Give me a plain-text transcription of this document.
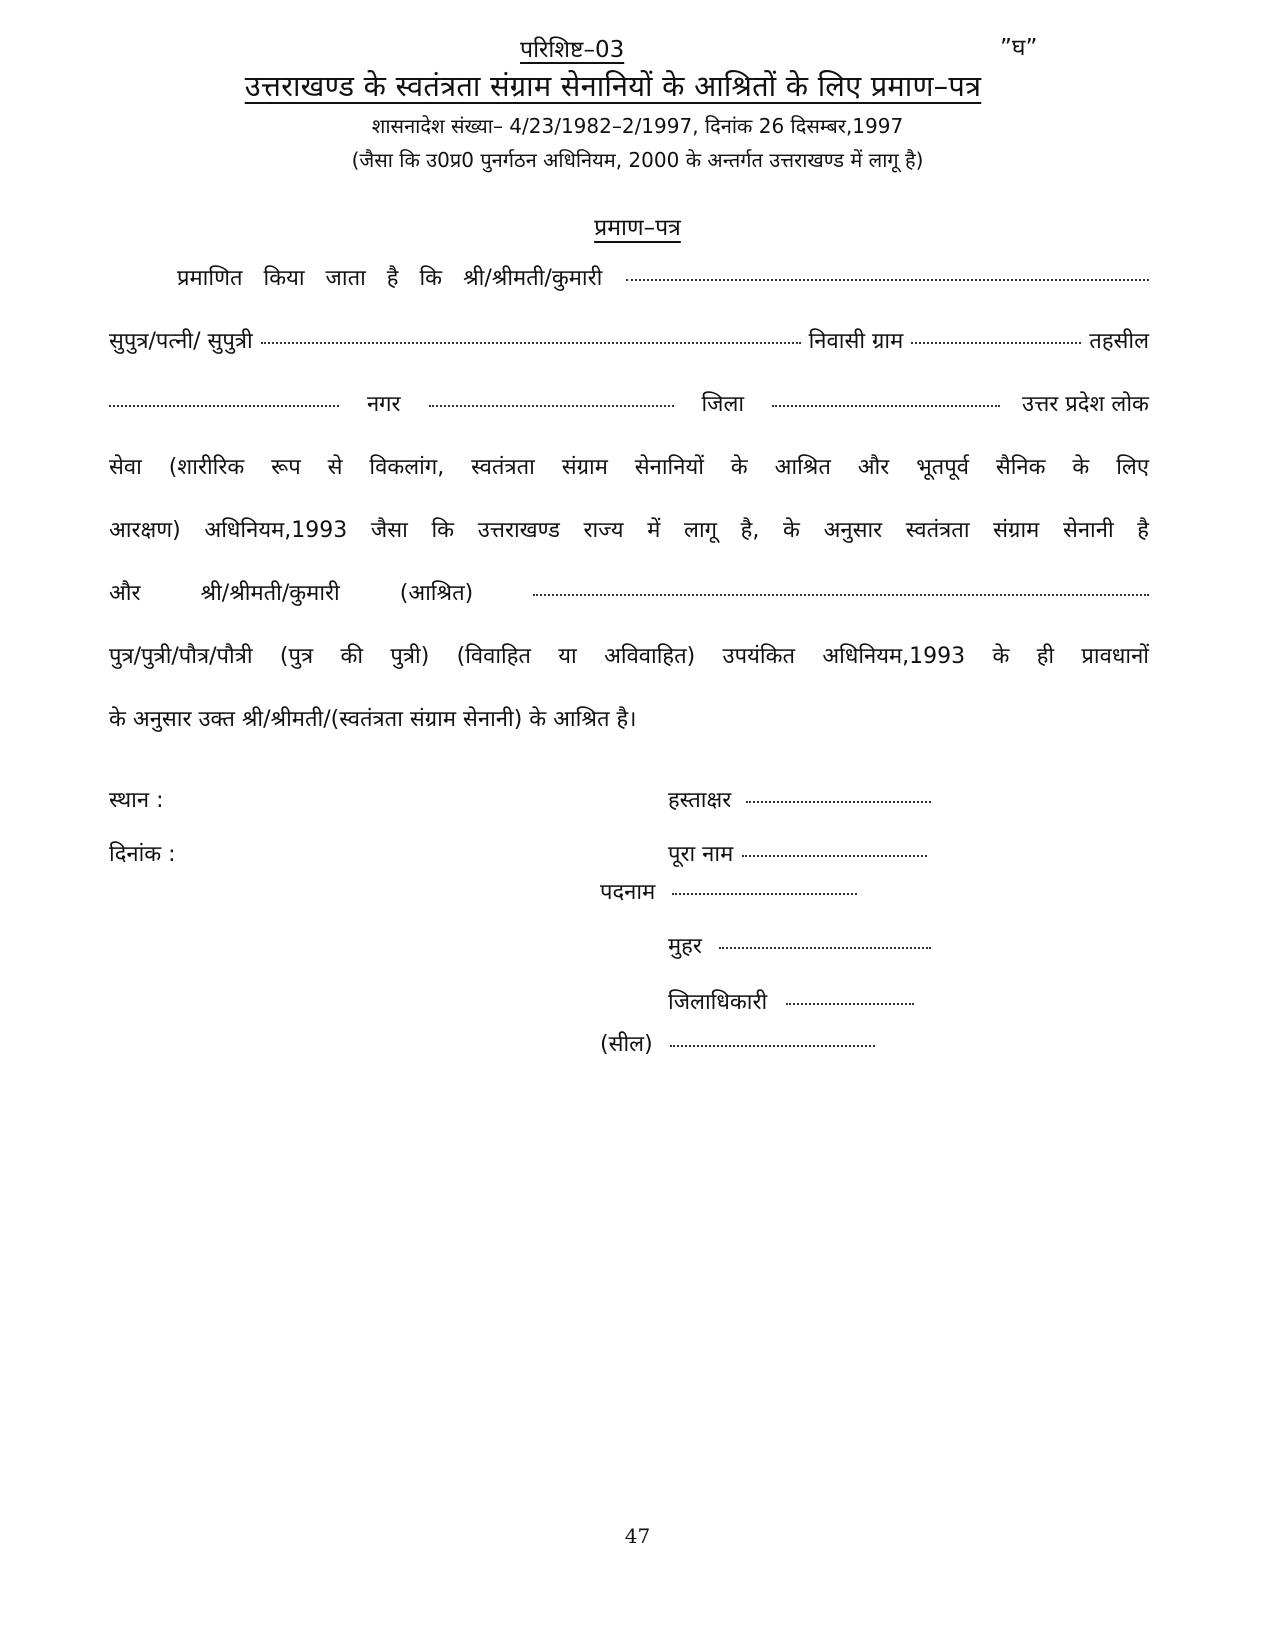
परिशिष्ट–03	”घ”
उत्तराखण्ड के स्वतंत्रता संग्राम सेनानियों के आश्रितों के लिए प्रमाण–पत्र
शासनादेश संख्या– 4/23/1982–2/1997, दिनांक 26 दिसम्बर,1997
(जैसा कि उ0प्र0 पुनर्गठन अधिनियम, 2000 के अन्तर्गत उत्तराखण्ड में लागू है)
प्रमाण–पत्र
प्रमाणित किया जाता है कि श्री/श्रीमती/कुमारी
सुपुत्र/पत्नी/ सुपुत्री	निवासी ग्राम	तहसील
नगर	जिला	उत्तर प्रदेश लोक
सेवा (शारीरिक रूप से विकलांग, स्वतंत्रता संग्राम सेनानियों के आश्रित और भूतपूर्व सैनिक के लिए
आरक्षण) अधिनियम,1993 जैसा कि उत्तराखण्ड राज्य में लागू है, के अनुसार स्वतंत्रता संग्राम सेनानी है
और	श्री/श्रीमती/कुमारी	(आश्रित)
पुत्र/पुत्री/पौत्र/पौत्री (पुत्र की पुत्री) (विवाहित या अविवाहित) उपयंकित अधिनियम,1993 के ही प्रावधानों
के अनुसार उक्त श्री/श्रीमती/(स्वतंत्रता संग्राम सेनानी) के आश्रित है।
स्थान :
दिनांक :
हस्ताक्षर
पूरा नाम
पदनाम
मुहर
जिलाधिकारी
(सील)
47
